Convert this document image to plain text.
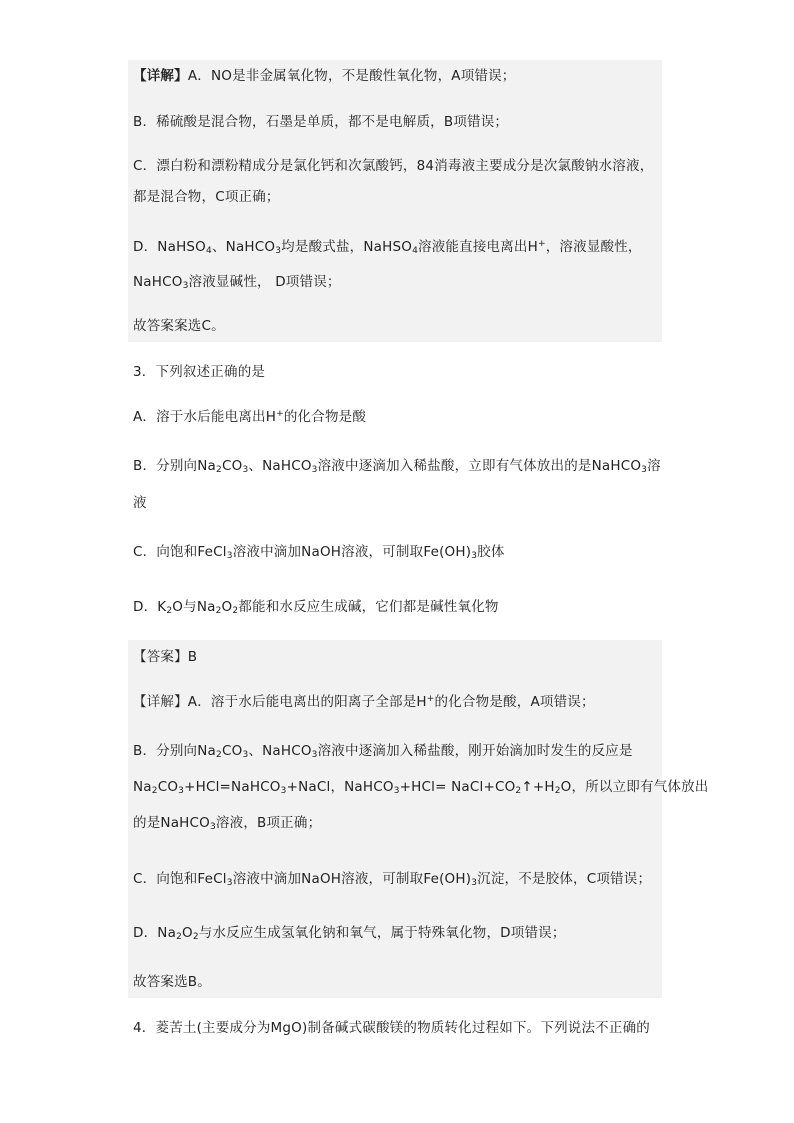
【详解】A．NO是非金属氧化物，不是酸性氧化物，A项错误；
B．稀硫酸是混合物，石墨是单质，都不是电解质，B项错误；
C．漂白粉和漂粉精成分是氯化钙和次氯酸钙，84消毒液主要成分是次氯酸钠水溶液，
都是混合物，C项正确；
D．NaHSO$_4$、NaHCO$_3$均是酸式盐，NaHSO$_4$溶液能直接电离出H+，溶液显酸性，
NaHCO$_3$溶液显碱性， D项错误；
故答案案选C。
3．下列叙述正确的是
A．溶于水后能电离出H+的化合物是酸
B．分别向$Na_2CO_3$、NaHCO$_3$溶液中逐滴加入稀盐酸，立即有气体放出的是NaHCO$_3$溶
液
C．向饱和FeCl$_3$溶液中滴加NaOH溶液，可制取$Fe(OH)_3$胶体
D．$K_2O$与$Na_2O_2$都能和水反应生成碱，它们都是碱性氧化物
【答案】B
【详解】A．溶于水后能电离出的阳离子全部是H+的化合物是酸，A项错误；
B．分别向$Na_2CO_3$、NaHCO$_3$溶液中逐滴加入稀盐酸，刚开始滴加时发生的反应是
$Na_2CO_3+HCl=NaHCO_3+NaCl$，NaHCO$_3$+HCl= $NaCl+CO_2↑+H_2O$，所以立即有气体放出
的是NaHCO$_3$溶液，B项正确；
C．向饱和FeCl$_3$溶液中滴加NaOH溶液，可制取$Fe(OH)_3$沉淀，不是胶体，C项错误；
D．$Na_2O_2$与水反应生成氢氧化钠和氧气，属于特殊氧化物，D项错误；
故答案选B。
4．菱苦土(主要成分为MgO)制备碱式碳酸镁的物质转化过程如下。下列说法不正确的
